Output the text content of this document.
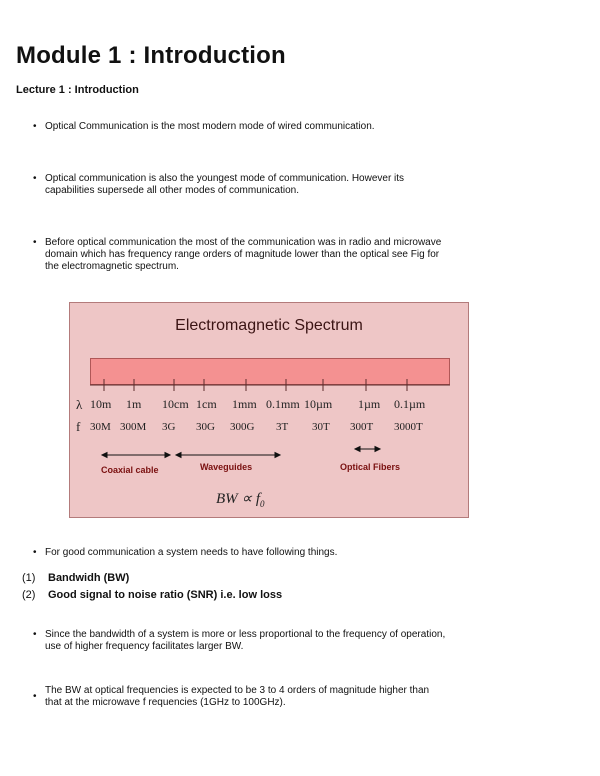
Module 1 : Introduction
Lecture 1 : Introduction
• Optical Communication is the most modern mode of wired communication.
• Optical communication is also the youngest mode of communication. However its
capabilities supersede all other modes of communication.
• Before optical communication the most of the communication was in radio and microwave
domain which has frequency range orders of magnitude lower than the optical see Fig for
the electromagnetic spectrum.
Electromagnetic Spectrum
λ
f
Coaxial cable	Waveguides	Optical Fibers
BW ∝ $f_0$
10m 1m 10cm 1cm 1mm 0.1mm 10µm 1µm 0.1µm
30M 300M 3G 30G 300G 3T 30T 300T 3000T
• For good communication a system needs to have following things.
(1) Bandwidh (BW)
(2) Good signal to noise ratio (SNR) i.e. low loss
• Since the bandwidth of a system is more or less proportional to the frequency of operation,
use of higher frequency facilitates larger BW.
•
The BW at optical frequencies is expected to be 3 to 4 orders of magnitude higher than
that at the microwave f requencies (1GHz to 100GHz).
